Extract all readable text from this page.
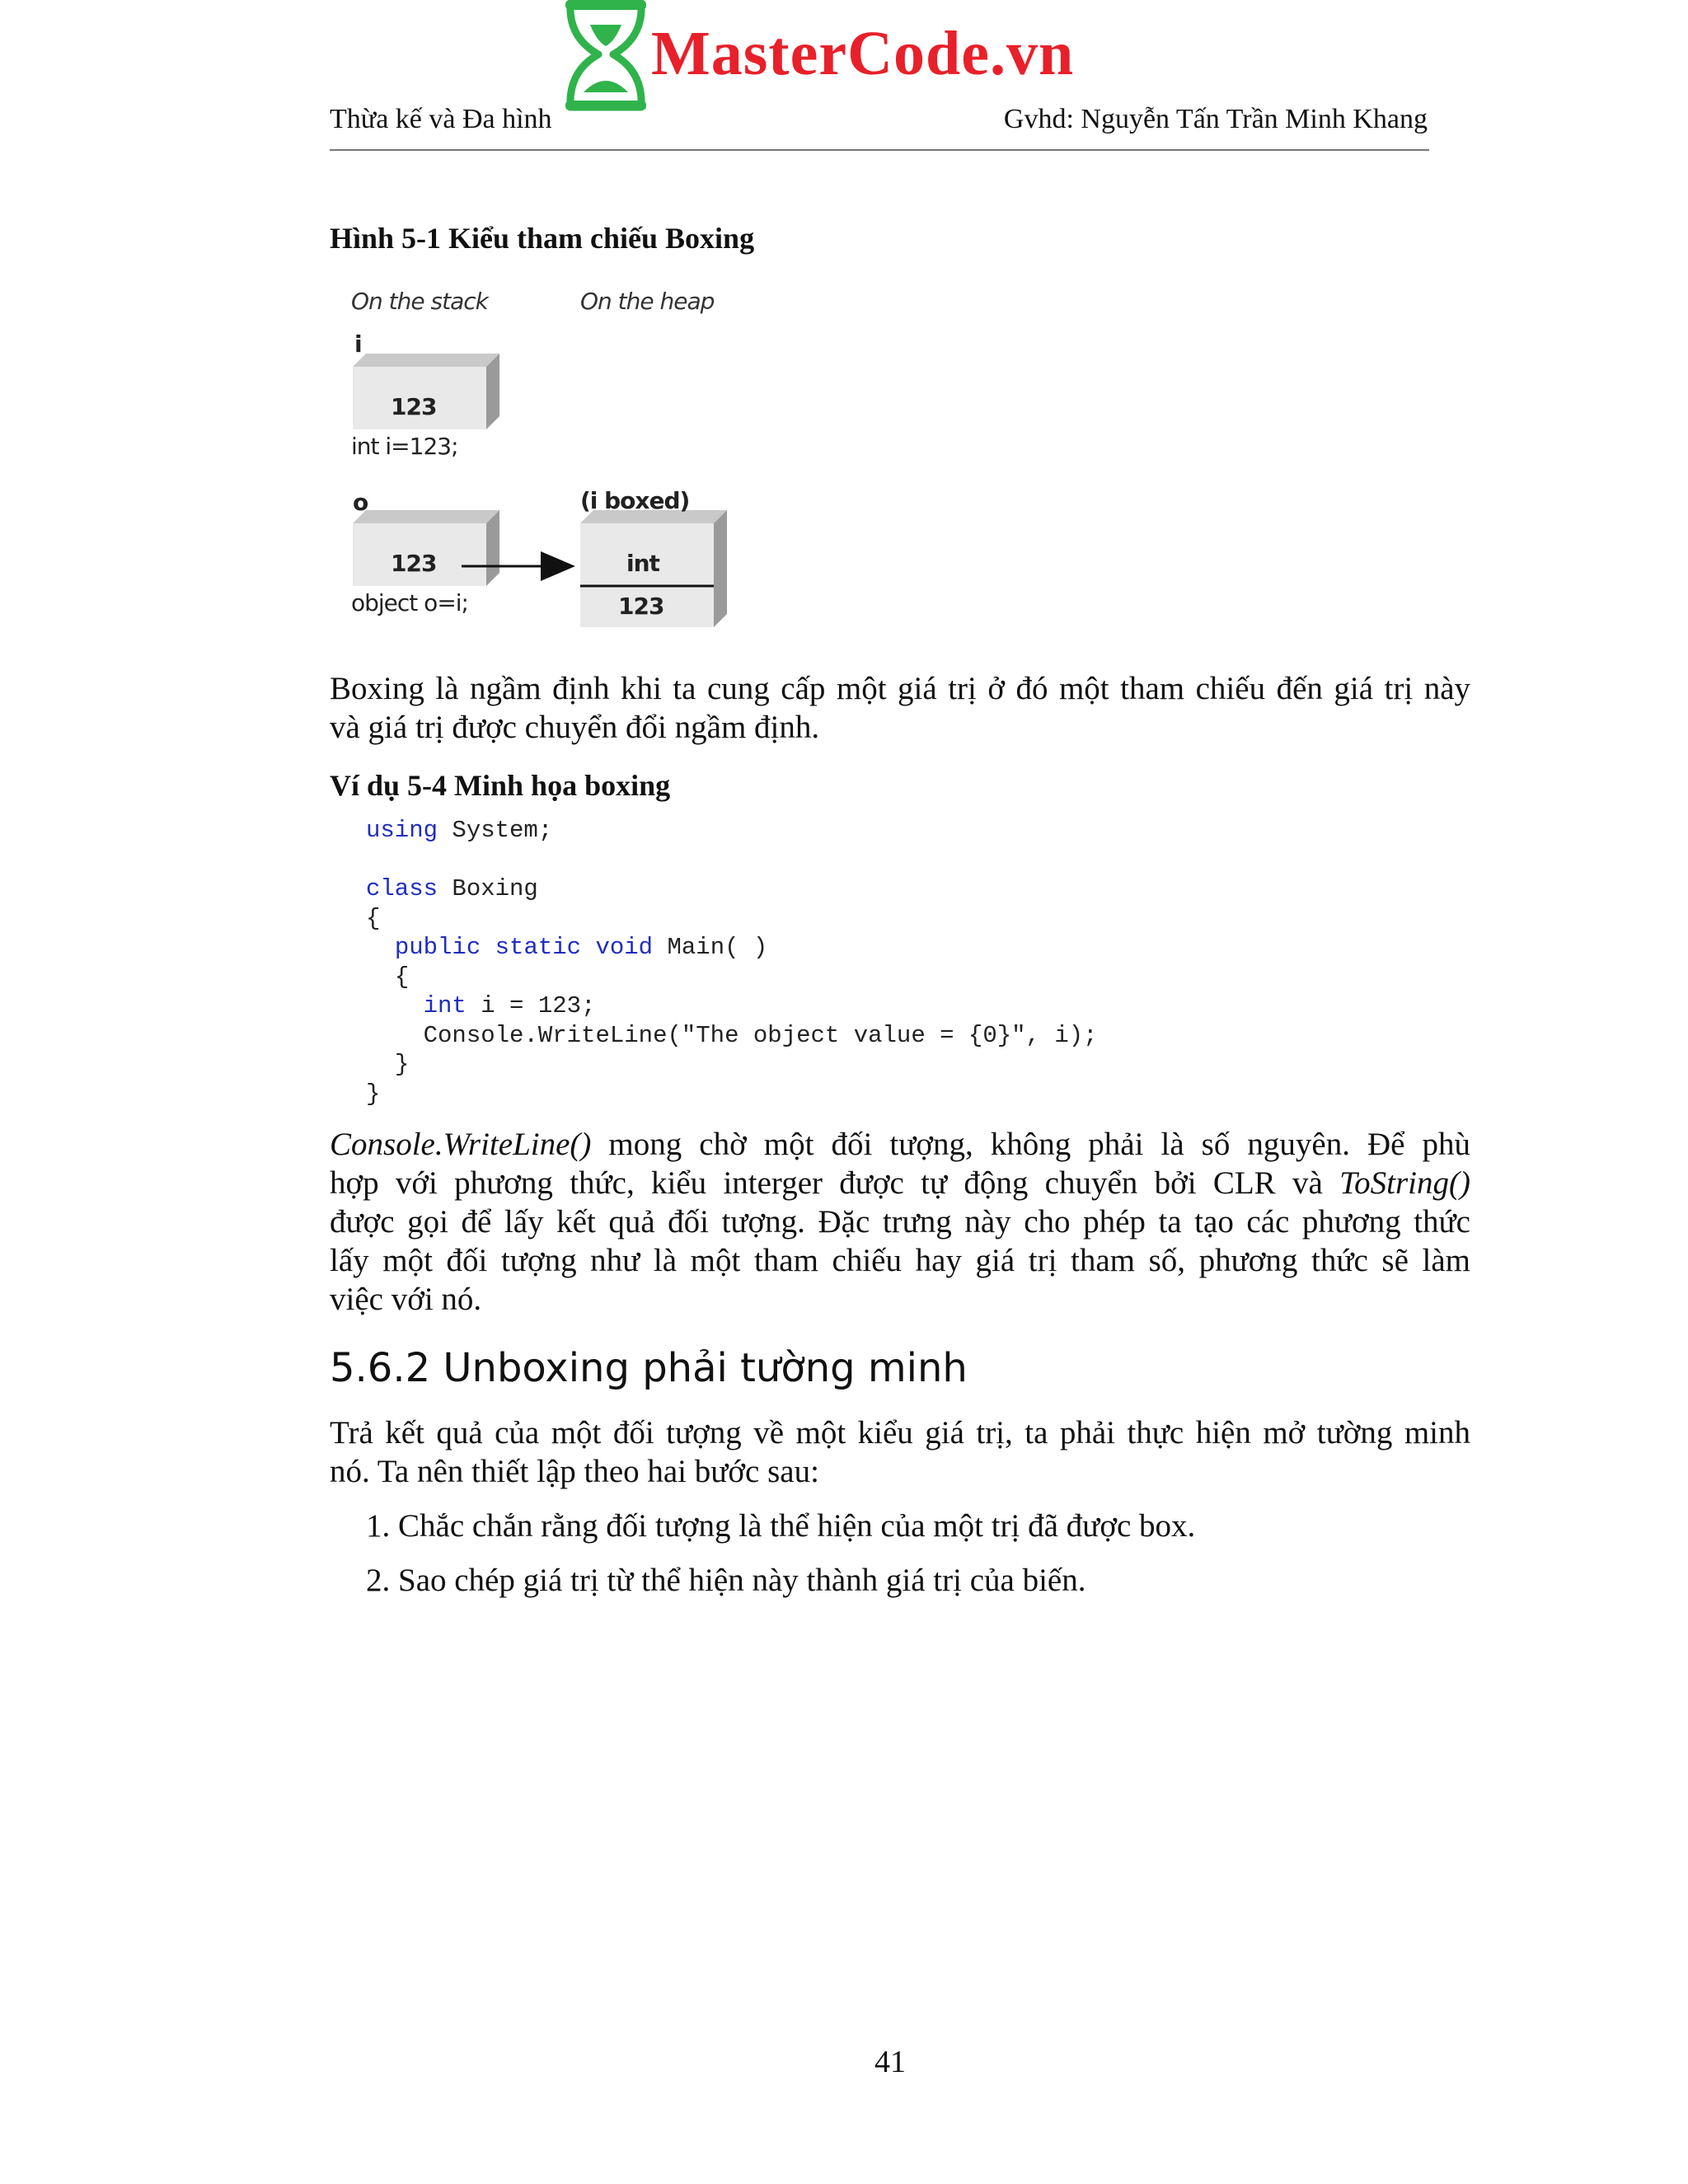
MasterCode.vn
Thừa kế và Đa hình	Gvhd: Nguyễn Tấn Trần Minh Khang
Hình 5-1 Kiểu tham chiếu Boxing
On the stack	On the heap
i
123
int i=123;
o	(i boxed)
123
object o=i;
int
123
Boxing là ngầm định khi ta cung cấp một giá trị ở đó một tham chiếu đến giá trị này
và giá trị được chuyển đổi ngầm định.
Ví dụ 5-4 Minh họa boxing
using System;

class Boxing
{
public static void Main( )
{
int i = 123;
Console.WriteLine("The object value = {0}", i);
}
}
Console.WriteLine() mong chờ một đối tượng, không phải là số nguyên. Để phù
hợp với phương thức, kiểu interger được tự động chuyển bởi CLR và ToString()
được gọi để lấy kết quả đối tượng. Đặc trưng này cho phép ta tạo các phương thức
lấy một đối tượng như là một tham chiếu hay giá trị tham số, phương thức sẽ làm
việc với nó.
5.6.2 Unboxing phải tường minh
Trả kết quả của một đối tượng về một kiểu giá trị, ta phải thực hiện mở tường minh
nó. Ta nên thiết lập theo hai bước sau:
1. Chắc chắn rằng đối tượng là thể hiện của một trị đã được box.
2. Sao chép giá trị từ thể hiện này thành giá trị của biến.
41
